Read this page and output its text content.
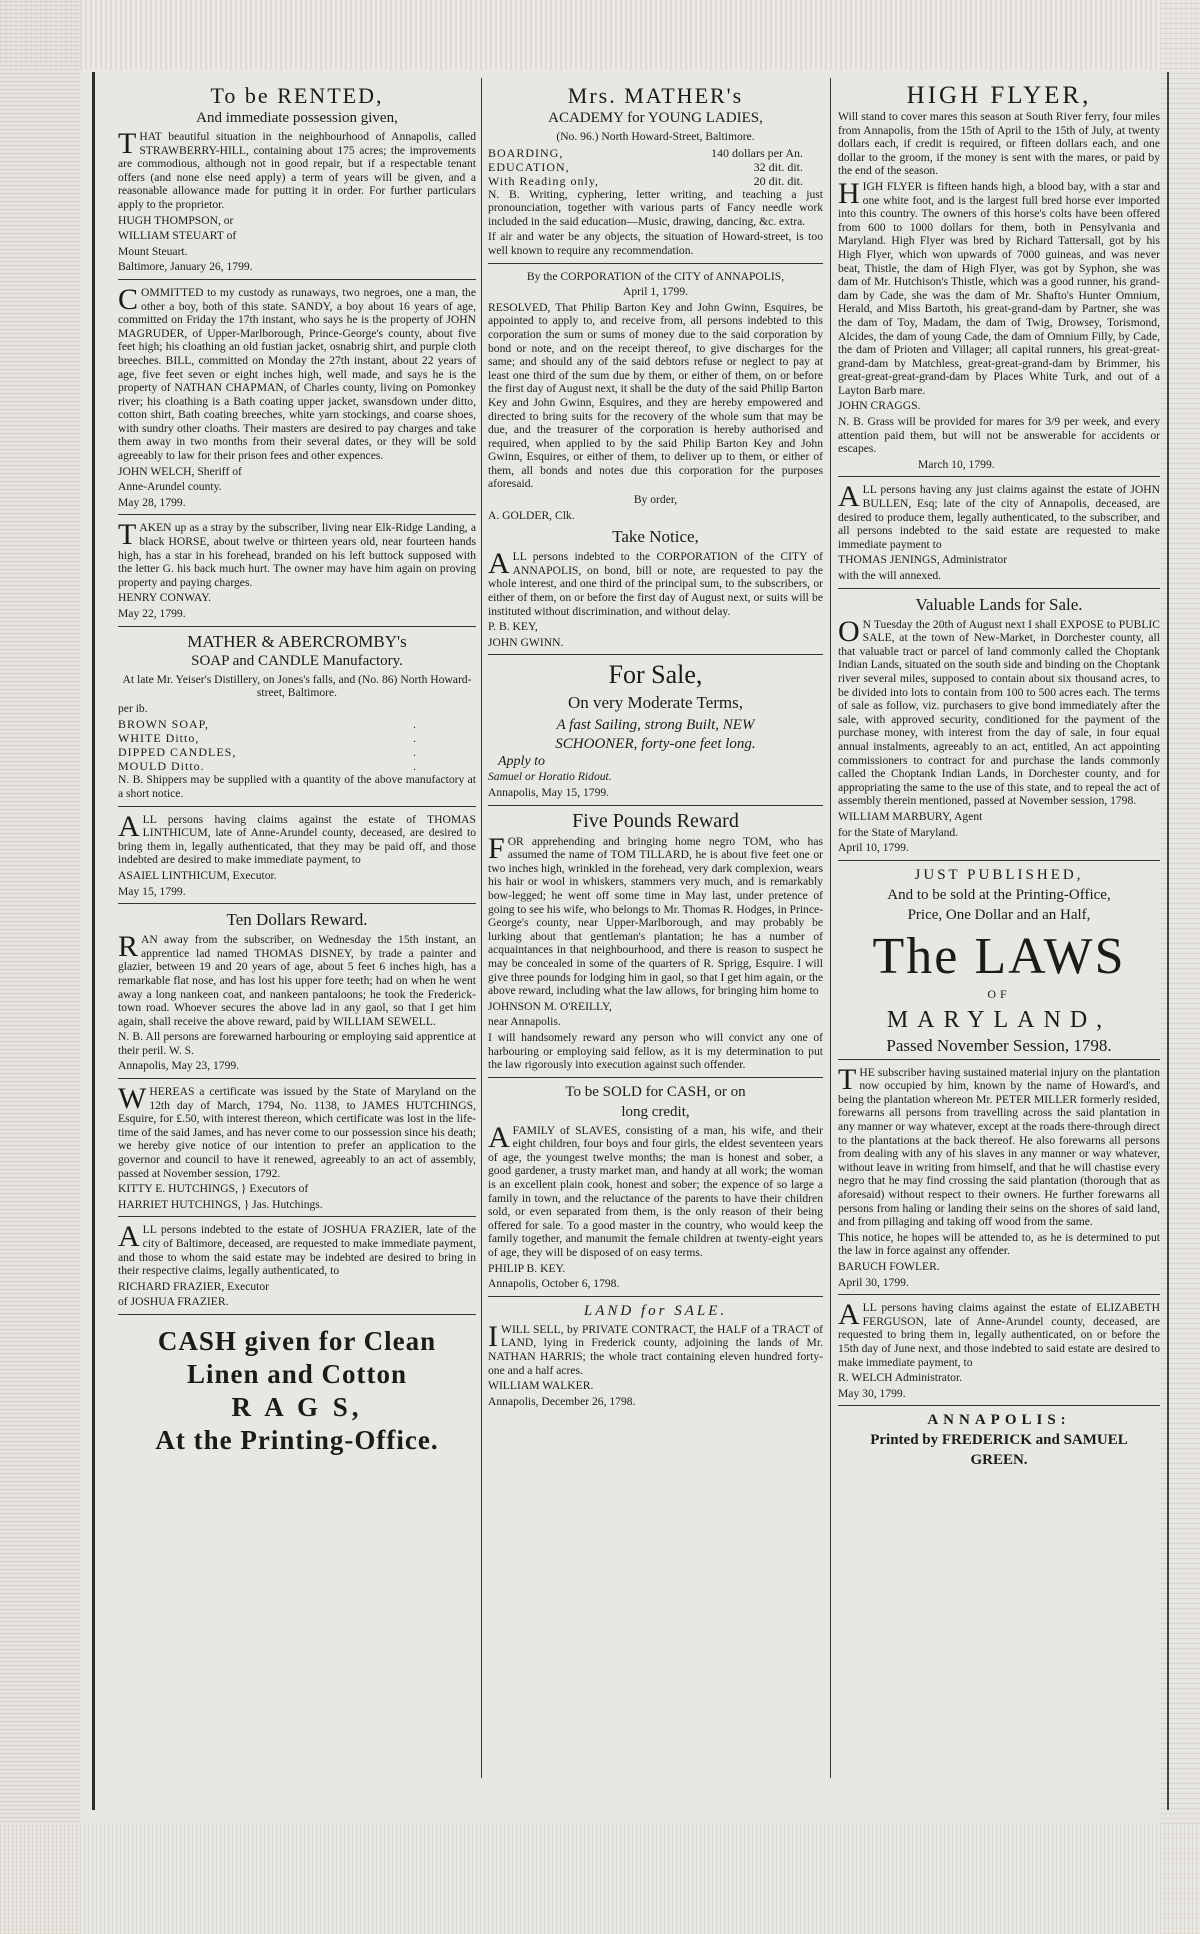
To be RENTED,
And immediate possession given,

THAT beautiful situation in the neighbourhood of Annapolis, called STRAWBERRY-HILL, containing about 175 acres; the improvements are commodious, although not in good repair, but if a respectable tenant offers (and none else need apply) a term of years will be given, and a reasonable allowance made for putting it in order. For further particulars apply to the proprietor.

HUGH THOMPSON, or

WILLIAM STEUART of

Mount Steuart.

Baltimore, January 26, 1799.

COMMITTED to my custody as runaways, two negroes, one a man, the other a boy, both of this state. SANDY, a boy about 16 years of age, committed on Friday the 17th instant, who says he is the property of JOHN MAGRUDER, of Upper-Marlborough, Prince-George's county, about five feet high; his cloathing an old fustian jacket, osnabrig shirt, and purple cloth breeches. BILL, committed on Monday the 27th instant, about 22 years of age, five feet seven or eight inches high, well made, and says he is the property of NATHAN CHAPMAN, of Charles county, living on Pomonkey river; his cloathing is a Bath coating upper jacket, swansdown under ditto, cotton shirt, Bath coating breeches, white yarn stockings, and coarse shoes, with sundry other cloaths. Their masters are desired to pay charges and take them away in two months from their several dates, or they will be sold agreeably to law for their prison fees and other expences.

JOHN WELCH, Sheriff of

Anne-Arundel county.

May 28, 1799.

TAKEN up as a stray by the subscriber, living near Elk-Ridge Landing, a black HORSE, about twelve or thirteen years old, near fourteen hands high, has a star in his forehead, branded on his left buttock supposed with the letter G. his back much hurt. The owner may have him again on proving property and paying charges.

HENRY CONWAY.

May 22, 1799.

MATHER & ABERCROMBY's
SOAP and CANDLE Manufactory.

At late Mr. Yeiser's Distillery, on Jones's falls, and (No. 86) North Howard-street, Baltimore.

per ib.

BROWN SOAP,	.
WHITE Ditto,	.
DIPPED CANDLES,	.
MOULD Ditto.	.

N. B. Shippers may be supplied with a quantity of the above manufactory at a short notice.

ALL persons having claims against the estate of THOMAS LINTHICUM, late of Anne-Arundel county, deceased, are desired to bring them in, legally authenticated, that they may be paid off, and those indebted are desired to make immediate payment, to

ASAIEL LINTHICUM, Executor.

May 15, 1799.

Ten Dollars Reward.

RAN away from the subscriber, on Wednesday the 15th instant, an apprentice lad named THOMAS DISNEY, by trade a painter and glazier, between 19 and 20 years of age, about 5 feet 6 inches high, has a remarkable flat nose, and has lost his upper fore teeth; had on when he went away a long nankeen coat, and nankeen pantaloons; he took the Frederick-town road. Whoever secures the above lad in any gaol, so that I get him again, shall receive the above reward, paid by WILLIAM SEWELL.

N. B. All persons are forewarned harbouring or employing said apprentice at their peril. W. S.

Annapolis, May 23, 1799.

WHEREAS a certificate was issued by the State of Maryland on the 12th day of March, 1794, No. 1138, to JAMES HUTCHINGS, Esquire, for £.50, with interest thereon, which certificate was lost in the life-time of the said James, and has never come to our possession since his death; we hereby give notice of our intention to prefer an application to the governor and council to have it renewed, agreeably to an act of assembly, passed at November session, 1792.

KITTY E. HUTCHINGS, } Executors of

HARRIET HUTCHINGS, } Jas. Hutchings.

ALL persons indebted to the estate of JOSHUA FRAZIER, late of the city of Baltimore, deceased, are requested to make immediate payment, and those to whom the said estate may be indebted are desired to bring in their respective claims, legally authenticated, to

RICHARD FRAZIER, Executor

of JOSHUA FRAZIER.

CASH given for Clean
Linen and Cotton
R A G S,
At the Printing-Office.
Mrs. MATHER's
ACADEMY for YOUNG LADIES,

(No. 96.) North Howard-Street, Baltimore.

BOARDING,	140 dollars per An.
EDUCATION,	32 dit. dit.
With Reading only,	20 dit. dit.

N. B. Writing, cyphering, letter writing, and teaching a just pronounciation, together with various parts of Fancy needle work included in the said education—Music, drawing, dancing, &c. extra.

If air and water be any objects, the situation of Howard-street, is too well known to require any recommendation.

By the CORPORATION of the CITY of ANNAPOLIS,

April 1, 1799.

RESOLVED, That Philip Barton Key and John Gwinn, Esquires, be appointed to apply to, and receive from, all persons indebted to this corporation the sum or sums of money due to the said corporation by bond or note, and on the receipt thereof, to give discharges for the same; and should any of the said debtors refuse or neglect to pay at least one third of the sum due by them, or either of them, on or before the first day of August next, it shall be the duty of the said Philip Barton Key and John Gwinn, Esquires, and they are hereby empowered and directed to bring suits for the recovery of the whole sum that may be due, and the treasurer of the corporation is hereby authorised and required, when applied to by the said Philip Barton Key and John Gwinn, Esquires, or either of them, to deliver up to them, or either of them, all bonds and notes due this corporation for the purposes aforesaid.

By order,

A. GOLDER, Clk.

Take Notice,

ALL persons indebted to the CORPORATION of the CITY of ANNAPOLIS, on bond, bill or note, are requested to pay the whole interest, and one third of the principal sum, to the subscribers, or either of them, on or before the first day of August next, or suits will be instituted without discrimination, and without delay.

P. B. KEY,

JOHN GWINN.

For Sale,
On very Moderate Terms,
A fast Sailing, strong Built, NEW
SCHOONER, forty-one feet long.
Apply to

Samuel or Horatio Ridout.

Annapolis, May 15, 1799.

Five Pounds Reward

FOR apprehending and bringing home negro TOM, who has assumed the name of TOM TILLARD, he is about five feet one or two inches high, wrinkled in the forehead, very dark complexion, wears his hair or wool in whiskers, stammers very much, and is remarkably bow-legged; he went off some time in May last, under pretence of going to see his wife, who belongs to Mr. Thomas R. Hodges, in Prince-George's county, near Upper-Marlborough, and may probably be lurking about that gentleman's plantation; he has a number of acquaintances in that neighbourhood, and there is reason to suspect he may be concealed in some of the quarters of R. Sprigg, Esquire. I will give three pounds for lodging him in gaol, so that I get him again, or the above reward, including what the law allows, for bringing him home to

JOHNSON M. O'REILLY,

near Annapolis.

I will handsomely reward any person who will convict any one of harbouring or employing said fellow, as it is my determination to put the law rigorously into execution against such offender.

To be SOLD for CASH, or on
long credit,

AFAMILY of SLAVES, consisting of a man, his wife, and their eight children, four boys and four girls, the eldest seventeen years of age, the youngest twelve months; the man is honest and sober, a good gardener, a trusty market man, and handy at all work; the woman is an excellent plain cook, honest and sober; the expence of so large a family in town, and the reluctance of the parents to have their children sold, or even separated from them, is the only reason of their being offered for sale. To a good master in the country, who would keep the family together, and manumit the female children at twenty-eight years of age, they will be disposed of on easy terms.

PHILIP B. KEY.

Annapolis, October 6, 1798.

LAND for SALE.

IWILL SELL, by PRIVATE CONTRACT, the HALF of a TRACT of LAND, lying in Frederick county, adjoining the lands of Mr. NATHAN HARRIS; the whole tract containing eleven hundred forty-one and a half acres.

WILLIAM WALKER.

Annapolis, December 26, 1798.

HIGH FLYER,

Will stand to cover mares this season at South River ferry, four miles from Annapolis, from the 15th of April to the 15th of July, at twenty dollars each, if credit is required, or fifteen dollars each, and one dollar to the groom, if the money is sent with the mares, or paid by the end of the season.

HIGH FLYER is fifteen hands high, a blood bay, with a star and one white foot, and is the largest full bred horse ever imported into this country. The owners of this horse's colts have been offered from 600 to 1000 dollars for them, both in Pensylvania and Maryland. High Flyer was bred by Richard Tattersall, got by his High Flyer, which won upwards of 7000 guineas, and was never beat, Thistle, the dam of High Flyer, was got by Syphon, she was dam of Mr. Hutchison's Thistle, which was a good runner, his grand-dam by Cade, she was the dam of Mr. Shafto's Hunter Omnium, Herald, and Miss Bartoth, his great-grand-dam by Partner, she was the dam of Toy, Madam, the dam of Twig, Drowsey, Torismond, Alcides, the dam of young Cade, the dam of Omnium Filly, by Cade, the dam of Prioten and Villager; all capital runners, his great-great-grand-dam by Matchless, great-great-grand-dam by Brimmer, his great-great-great-grand-dam by Places White Turk, and out of a Layton Barb mare.

JOHN CRAGGS.

N. B. Grass will be provided for mares for 3/9 per week, and every attention paid them, but will not be answerable for accidents or escapes.

March 10, 1799.

ALL persons having any just claims against the estate of JOHN BULLEN, Esq; late of the city of Annapolis, deceased, are desired to produce them, legally authenticated, to the subscriber, and all persons indebted to the said estate are requested to make immediate payment to

THOMAS JENINGS, Administrator

with the will annexed.

Valuable Lands for Sale.

ON Tuesday the 20th of August next I shall EXPOSE to PUBLIC SALE, at the town of New-Market, in Dorchester county, all that valuable tract or parcel of land commonly called the Choptank Indian Lands, situated on the south side and binding on the Choptank river several miles, supposed to contain about six thousand acres, to be divided into lots to contain from 100 to 500 acres each. The terms of sale as follow, viz. purchasers to give bond immediately after the sale, with approved security, conditioned for the payment of the purchase money, with interest from the day of sale, in four equal annual instalments, agreeably to an act, entitled, An act appointing commissioners to contract for and purchase the lands commonly called the Choptank Indian Lands, in Dorchester county, and for appropriating the same to the use of this state, and to repeal the act of assembly therein mentioned, passed at November session, 1798.

WILLIAM MARBURY, Agent

for the State of Maryland.

April 10, 1799.

JUST PUBLISHED,
And to be sold at the Printing-Office,
Price, One Dollar and an Half,
The LAWS
OF
MARYLAND,
Passed November Session, 1798.

THE subscriber having sustained material injury on the plantation now occupied by him, known by the name of Howard's, and being the plantation whereon Mr. PETER MILLER formerly resided, forewarns all persons from travelling across the said plantation in any manner or way whatever, except at the roads there-through direct to the plantations at the back thereof. He also forewarns all persons from dealing with any of his slaves in any manner or way whatever, without leave in writing from himself, and that he will chastise every negro that he may find crossing the said plantation (thorough that as aforesaid) without respect to their owners. He further forewarns all persons from haling or landing their seins on the shores of said land, and from pillaging and taking off wood from the same.

This notice, he hopes will be attended to, as he is determined to put the law in force against any offender.

BARUCH FOWLER.

April 30, 1799.

ALL persons having claims against the estate of ELIZABETH FERGUSON, late of Anne-Arundel county, deceased, are requested to bring them in, legally authenticated, on or before the 15th day of June next, and those indebted to said estate are desired to make immediate payment, to

R. WELCH Administrator.

May 30, 1799.

ANNAPOLIS:
Printed by FREDERICK and SAMUEL
GREEN.
